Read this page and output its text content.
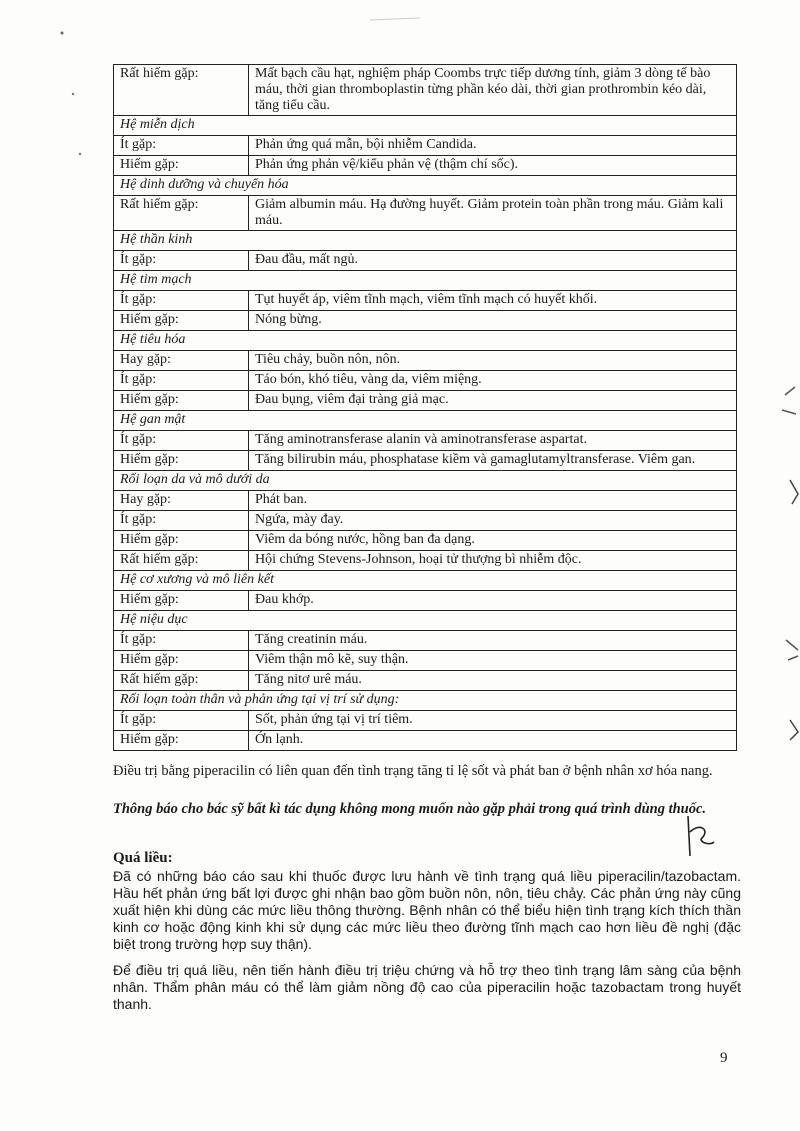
Rất hiếm gặp:	Mất bạch cầu hạt, nghiệm pháp Coombs trực tiếp dương tính, giảm 3 dòng tế bào máu, thời gian thromboplastin từng phần kéo dài, thời gian prothrombin kéo dài, tăng tiểu cầu.
Hệ miễn dịch	
Ít gặp:	Phản ứng quá mẫn, bội nhiễm Candida.
Hiếm gặp:	Phản ứng phản vệ/kiểu phản vệ (thậm chí sốc).
Hệ dinh dưỡng và chuyển hóa	
Rất hiếm gặp:	Giảm albumin máu. Hạ đường huyết. Giảm protein toàn phần trong máu. Giảm kali máu.
Hệ thần kinh	
Ít gặp:	Đau đầu, mất ngủ.
Hệ tim mạch	
Ít gặp:	Tụt huyết áp, viêm tĩnh mạch, viêm tĩnh mạch có huyết khối.
Hiếm gặp:	Nóng bừng.
Hệ tiêu hóa	
Hay gặp:	Tiêu chảy, buồn nôn, nôn.
Ít gặp:	Táo bón, khó tiêu, vàng da, viêm miệng.
Hiếm gặp:	Đau bụng, viêm đại tràng giả mạc.
Hệ gan mật	
Ít gặp:	Tăng aminotransferase alanin và aminotransferase aspartat.
Hiếm gặp:	Tăng bilirubin máu, phosphatase kiềm và gamaglutamyltransferase. Viêm gan.
Rối loạn da và mô dưới da	
Hay gặp:	Phát ban.
Ít gặp:	Ngứa, mày đay.
Hiếm gặp:	Viêm da bóng nước, hồng ban đa dạng.
Rất hiếm gặp:	Hội chứng Stevens-Johnson, hoại tử thượng bì nhiễm độc.
Hệ cơ xương và mô liên kết	
Hiếm gặp:	Đau khớp.
Hệ niệu dục	
Ít gặp:	Tăng creatinin máu.
Hiếm gặp:	Viêm thận mô kẽ, suy thận.
Rất hiếm gặp:	Tăng nitơ urê máu.
Rối loạn toàn thân và phản ứng tại vị trí sử dụng:	
Ít gặp:	Sốt, phản ứng tại vị trí tiêm.
Hiếm gặp:	Ớn lạnh.

Điều trị bằng piperacilin có liên quan đến tình trạng tăng tỉ lệ sốt và phát ban ở bệnh nhân xơ hóa nang.

Thông báo cho bác sỹ bất kì tác dụng không mong muốn nào gặp phải trong quá trình dùng thuốc.

Quá liều:

Đã có những báo cáo sau khi thuốc được lưu hành về tình trạng quá liều piperacilin/tazobactam. Hầu hết phản ứng bất lợi được ghi nhận bao gồm buồn nôn, nôn, tiêu chảy. Các phản ứng này cũng xuất hiện khi dùng các mức liều thông thường. Bệnh nhân có thể biểu hiện tình trạng kích thích thần kinh cơ hoặc động kinh khi sử dụng các mức liều theo đường tĩnh mạch cao hơn liều đề nghị (đặc biệt trong trường hợp suy thận).

Để điều trị quá liều, nên tiến hành điều trị triệu chứng và hỗ trợ theo tình trạng lâm sàng của bệnh nhân. Thẩm phân máu có thể làm giảm nồng độ cao của piperacilin hoặc tazobactam trong huyết thanh.

9
